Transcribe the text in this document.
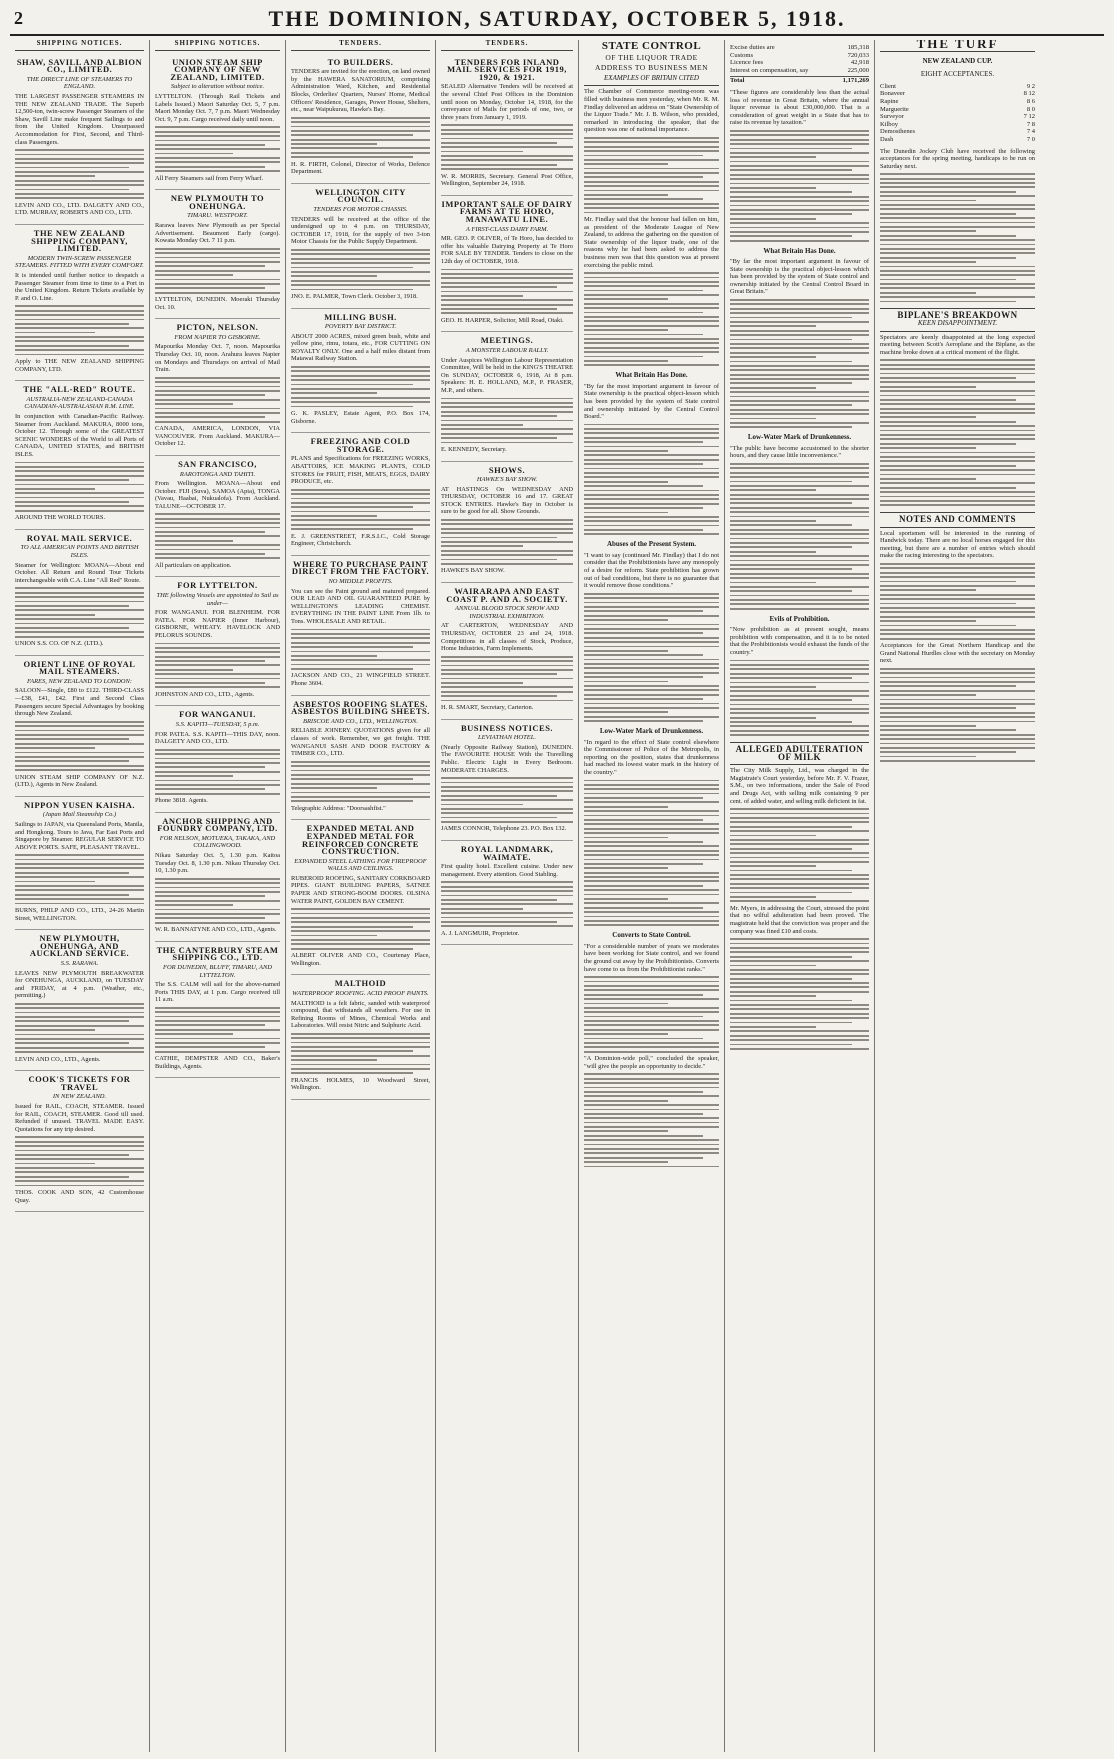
2	THE DOMINION, SATURDAY, OCTOBER 5, 1918.
SHIPPING NOTICES.
SHAW, SAVILL AND ALBION CO., LIMITED.
THE DIRECT LINE OF STEAMERS TO ENGLAND.

THE LARGEST PASSENGER STEAMERS IN THE NEW ZEALAND TRADE. The Superb 12,500-ton, twin-screw Passenger Steamers of the Shaw, Savill Line make frequent Sailings to and from the United Kingdom. Unsurpassed Accommodation for First, Second, and Third-class Passengers.

LEVIN AND CO., LTD. DALGETY AND CO., LTD. MURRAY, ROBERTS AND CO., LTD.

THE NEW ZEALAND SHIPPING COMPANY, LIMITED.
MODERN TWIN-SCREW PASSENGER STEAMERS. FITTED WITH EVERY COMFORT.

It is intended until further notice to despatch a Passenger Steamer from time to time to a Port in the United Kingdom. Return Tickets available by P. and O. Line.

Apply to THE NEW ZEALAND SHIPPING COMPANY, LTD.

THE "ALL-RED" ROUTE.
AUSTRALIA-NEW ZEALAND-CANADA CANADIAN-AUSTRALASIAN R.M. LINE.

In conjunction with Canadian-Pacific Railway. Steamer from Auckland. MAKURA, 8000 tons, October 12. Through some of the GREATEST SCENIC WONDERS of the World to all Ports of CANADA, UNITED STATES, and BRITISH ISLES.

AROUND THE WORLD TOURS.

ROYAL MAIL SERVICE.
TO ALL AMERICAN POINTS AND BRITISH ISLES.

Steamer for Wellington: MOANA—About end October. All Return and Round Tour Tickets interchangeable with C.A. Line "All Red" Route.

UNION S.S. CO. OF N.Z. (LTD.).

ORIENT LINE OF ROYAL MAIL STEAMERS.
FARES, NEW ZEALAND TO LONDON:

SALOON—Single, £80 to £122. THIRD-CLASS—£38, £41, £42. First and Second Class Passengers secure Special Advantages by booking through New Zealand.

UNION STEAM SHIP COMPANY OF N.Z. (LTD.), Agents in New Zealand.

NIPPON YUSEN KAISHA.
(Japan Mail Steamship Co.)

Sailings to JAPAN, via Queensland Ports, Manila, and Hongkong. Tours to Java, Far East Ports and Singapore by Steamer. REGULAR SERVICE TO ABOVE PORTS. SAFE, PLEASANT TRAVEL.

BURNS, PHILP AND CO., LTD., 24-26 Martin Street, WELLINGTON.

NEW PLYMOUTH, ONEHUNGA, AND AUCKLAND SERVICE.
S.S. RARAWA.

LEAVES NEW PLYMOUTH BREAKWATER for ONEHUNGA, AUCKLAND, on TUESDAY and FRIDAY, at 4 p.m. (Weather, etc., permitting.)

LEVIN AND CO., LTD., Agents.

COOK'S TICKETS FOR TRAVEL
IN NEW ZEALAND.

Issued for RAIL, COACH, STEAMER. Issued for RAIL, COACH, STEAMER. Good till used. Refunded if unused. TRAVEL MADE EASY. Quotations for any trip desired.

THOS. COOK AND SON, 42 Customhouse Quay.

SHIPPING NOTICES.
UNION STEAM SHIP COMPANY OF NEW ZEALAND, LIMITED.
Subject to alteration without notice.

LYTTELTON. (Through Rail Tickets and Labels Issued.) Maori Saturday Oct. 5, 7 p.m. Maori Monday Oct. 7, 7 p.m. Maori Wednesday Oct. 9, 7 p.m. Cargo received daily until noon.

All Ferry Steamers sail from Ferry Wharf.

NEW PLYMOUTH TO ONEHUNGA.
TIMARU. WESTPORT.

Rarawa leaves New Plymouth as per Special Advertisement. Beaumont Early (cargo). Kowata Monday Oct. 7 11 p.m.

LYTTELTON, DUNEDIN. Moeraki Thursday Oct. 10.

PICTON, NELSON.
FROM NAPIER TO GISBORNE.

Mapourika Monday Oct. 7, noon. Mapourika Thursday Oct. 10, noon. Arahura leaves Napier on Mondays and Thursdays on arrival of Mail Train.

CANADA, AMERICA, LONDON, VIA VANCOUVER. From Auckland. MAKURA—October 12.

SAN FRANCISCO,
RAROTONGA AND TAHITI.

From Wellington. MOANA—About end October. FIJI (Suva), SAMOA (Apia), TONGA (Vavau, Haabai, Nukualofa). From Auckland. TALUNE—OCTOBER 17.

All particulars on application.

FOR LYTTELTON.
THE following Vessels are appointed to Sail as under—

FOR WANGANUI. FOR BLENHEIM. FOR PATEA. FOR NAPIER (Inner Harbour), GISBORNE, WHEATY. HAVELOCK AND PELORUS SOUNDS.

JOHNSTON AND CO., LTD., Agents.

FOR WANGANUI.
S.S. KAPITI—TUESDAY, 5 p.m.

FOR PATEA. S.S. KAPITI—THIS DAY, noon. DALGETY AND CO., LTD.

Phone 3818. Agents.

ANCHOR SHIPPING AND FOUNDRY COMPANY, LTD.
FOR NELSON, MOTUEKA, TAKAKA, AND COLLINGWOOD.

Nikau Saturday Oct. 5, 1.30 p.m. Kaitoa Tuesday Oct. 8, 1.30 p.m. Nikau Thursday Oct. 10, 1.30 p.m.

W. R. BANNATYNE AND CO., LTD., Agents.

THE CANTERBURY STEAM SHIPPING CO., LTD.
FOR DUNEDIN, BLUFF, TIMARU, AND LYTTELTON.

The S.S. CALM will sail for the above-named Ports THIS DAY, at 1 p.m. Cargo received till 11 a.m.

CATHIE, DEMPSTER AND CO., Baker's Buildings, Agents.

TENDERS.
TO BUILDERS.

TENDERS are invited for the erection, on land owned by the HAWERA SANATORIUM, comprising Administration Ward, Kitchen, and Residential Blocks, Orderlies' Quarters, Nurses' Home, Medical Officers' Residence, Garages, Power House, Shelters, etc., near Waipukurau, Hawke's Bay.

H. R. FIRTH, Colonel, Director of Works, Defence Department.

WELLINGTON CITY COUNCIL.
TENDERS FOR MOTOR CHASSIS.

TENDERS will be received at the office of the undersigned up to 4 p.m. on THURSDAY, OCTOBER 17, 1918, for the supply of two 3-ton Motor Chassis for the Public Supply Department.

JNO. E. PALMER, Town Clerk. October 3, 1918.

MILLING BUSH.
POVERTY BAY DISTRICT.

ABOUT 2000 ACRES, mixed green bush, white and yellow pine, rimu, totara, etc., FOR CUTTING ON ROYALTY ONLY. One and a half miles distant from Matawai Railway Station.

G. K. PASLEY, Estate Agent, P.O. Box 174, Gisborne.

FREEZING AND COLD STORAGE.

PLANS and Specifications for FREEZING WORKS, ABATTOIRS, ICE MAKING PLANTS, COLD STORES for FRUIT, FISH, MEATS, EGGS, DAIRY PRODUCE, etc.

E. J. GREENSTREET, F.R.S.I.C., Cold Storage Engineer, Christchurch.

WHERE TO PURCHASE PAINT DIRECT FROM THE FACTORY.
NO MIDDLE PROFITS.

You can see the Paint ground and matured prepared. OUR LEAD AND OIL GUARANTEED PURE by WELLINGTON'S LEADING CHEMIST. EVERYTHING IN THE PAINT LINE From 1lb. to Tons. WHOLESALE AND RETAIL.

JACKSON AND CO., 21 WINGFIELD STREET. Phone 3604.

ASBESTOS ROOFING SLATES. ASBESTOS BUILDING SHEETS.
BRISCOE AND CO., LTD., WELLINGTON.

RELIABLE JOINERY. QUOTATIONS given for all classes of work. Remember, we get freight. THE WANGANUI SASH AND DOOR FACTORY & TIMBER CO., LTD.

Telegraphic Address: "Doorsashfist."

EXPANDED METAL AND EXPANDED METAL FOR REINFORCED CONCRETE CONSTRUCTION.
EXPANDED STEEL LATHING FOR FIREPROOF WALLS AND CEILINGS.

RUBEROID ROOFING, SANITARY CORKBOARD PIPES. GIANT BUILDING PAPERS, SATNEE PAPER AND STRONG-BOOM DOORS. OLSINA WATER PAINT, GOLDEN BAY CEMENT.

ALBERT OLIVER AND CO., Courtenay Place, Wellington.

MALTHOID
WATERPROOF ROOFING. ACID PROOF PAINTS.

MALTHOID is a felt fabric, sanded with waterproof compound, that withstands all weathers. For use in Refining Rooms of Mines, Chemical Works and Laboratories. Will resist Nitric and Sulphuric Acid.

FRANCIS HOLMES, 10 Woodward Street, Wellington.

TENDERS.
TENDERS FOR INLAND MAIL SERVICES FOR 1919, 1920, & 1921.

SEALED Alternative Tenders will be received at the several Chief Post Offices in the Dominion until noon on Monday, October 14, 1918, for the conveyance of Mails for periods of one, two, or three years from January 1, 1919.

W. R. MORRIS, Secretary. General Post Office, Wellington, September 24, 1918.

IMPORTANT SALE OF DAIRY FARMS AT TE HORO, MANAWATU LINE.
A FIRST-CLASS DAIRY FARM.

MR. GEO. P. OLIVER, of Te Horo, has decided to offer his valuable Dairying Property at Te Horo FOR SALE BY TENDER. Tenders to close on the 12th day of OCTOBER, 1918.

GEO. H. HARPER, Solicitor, Mill Road, Otaki.

MEETINGS.
A MONSTER LABOUR RALLY.

Under Auspices Wellington Labour Representation Committee, Will be held in the KING'S THEATRE On SUNDAY, OCTOBER 6, 1918, At 8 p.m. Speakers: H. E. HOLLAND, M.P., P. FRASER, M.P., and others.

E. KENNEDY, Secretary.

SHOWS.
HAWKE'S BAY SHOW.

AT HASTINGS On WEDNESDAY AND THURSDAY, OCTOBER 16 and 17. GREAT STOCK ENTRIES. Hawke's Bay in October is sure to be good for all. Show Grounds.

HAWKE'S BAY SHOW.

WAIRARAPA AND EAST COAST P. AND A. SOCIETY.
ANNUAL BLOOD STOCK SHOW AND INDUSTRIAL EXHIBITION.

AT CARTERTON, WEDNESDAY AND THURSDAY, OCTOBER 23 and 24, 1918. Competitions in all classes of Stock, Produce, Home Industries, Farm Implements.

H. R. SMART, Secretary, Carterton.

BUSINESS NOTICES.
LEVIATHAN HOTEL.

(Nearly Opposite Railway Station), DUNEDIN. The FAVOURITE HOUSE With the Travelling Public. Electric Light in Every Bedroom. MODERATE CHARGES.

JAMES CONNOR, Telephone 23. P.O. Box 132.

ROYAL LANDMARK, WAIMATE.

First quality hotel. Excellent cuisine. Under new management. Every attention. Good Stabling.

A. J. LANGMUIR, Proprietor.

STATE CONTROL
OF THE LIQUOR TRADE
ADDRESS TO BUSINESS MEN
EXAMPLES OF BRITAIN CITED

The Chamber of Commerce meeting-room was filled with business men yesterday, when Mr. R. M. Findlay delivered an address on "State Ownership of the Liquor Trade." Mr. J. B. Wilson, who presided, remarked in introducing the speaker, that the question was one of national importance.

Mr. Findlay said that the honour had fallen on him, as president of the Moderate League of New Zealand, to address the gathering on the question of State ownership of the liquor trade, one of the reasons why he had been asked to address the business men was that this question was at present exercising the public mind.

What Britain Has Done.

"By far the most important argument in favour of State ownership is the practical object-lesson which has been provided by the system of State control and ownership initiated by the Central Control Board."

Abuses of the Present System.

"I want to say (continued Mr. Findlay) that I do not consider that the Prohibitionists have any monopoly of a desire for reform. State prohibition has grown out of bad conditions, but there is no guarantee that it would remove those conditions."

Low-Water Mark of Drunkenness.

"In regard to the effect of State control elsewhere the Commissioner of Police of the Metropolis, in reporting on the position, states that drunkenness had reached its lowest water mark in the history of the country."

Converts to State Control.

"For a considerable number of years we moderates have been working for State control, and we found the ground cut away by the Prohibitionists. Converts have come to us from the Prohibitionist ranks."

"A Dominion-wide poll," concluded the speaker, "will give the people an opportunity to decide."

Excise duties are	185,318
Customs	720,033
Licence fees	42,918
Interest on compensation, say	225,000
Total	1,171,269

"These figures are considerably less than the actual loss of revenue in Great Britain, where the annual liquor revenue is about £30,000,000. That is a consideration of great weight in a State that has to raise its revenue by taxation."

What Britain Has Done.

"By far the most important argument in favour of State ownership is the practical object-lesson which has been provided by the system of State control and ownership initiated by the Central Control Board in Great Britain."

Low-Water Mark of Drunkenness.

"The public have become accustomed to the shorter hours, and they cause little inconvenience."

Evils of Prohibition.

"Now prohibition as at present sought, means prohibition with compensation, and it is to be noted that the Prohibitionists would exhaust the funds of the country."

ALLEGED ADULTERATION OF MILK

The City Milk Supply, Ltd., was charged in the Magistrate's Court yesterday, before Mr. F. V. Frazer, S.M., on two informations, under the Sale of Food and Drugs Act, with selling milk containing 9 per cent. of added water, and selling milk deficient in fat.

Mr. Myers, in addressing the Court, stressed the point that no wilful adulteration had been proved. The magistrate held that the conviction was proper and the company was fined £10 and costs.

THE TURF
NEW ZEALAND CUP.
EIGHT ACCEPTANCES.
Client	9 2
Bonaveer	8 12
Rapine	8 6
Marguerite	8 0
Surveyor	7 12
Kilboy	7 8
Demosthenes	7 4
Dash	7 0

The Dunedin Jockey Club have received the following acceptances for the spring meeting, handicaps to be run on Saturday next.

BIPLANE'S BREAKDOWN
KEEN DISAPPOINTMENT.

Spectators are keenly disappointed at the long expected meeting between Scott's Aeroplane and the Biplane, as the machine broke down at a critical moment of the flight.

NOTES AND COMMENTS

Local sportsmen will be interested in the running of Handwick today. There are no local horses engaged for this meeting, but there are a number of entries which should make the racing interesting to the spectators.

Acceptances for the Great Northern Handicap and the Grand National Hurdles close with the secretary on Monday next.
